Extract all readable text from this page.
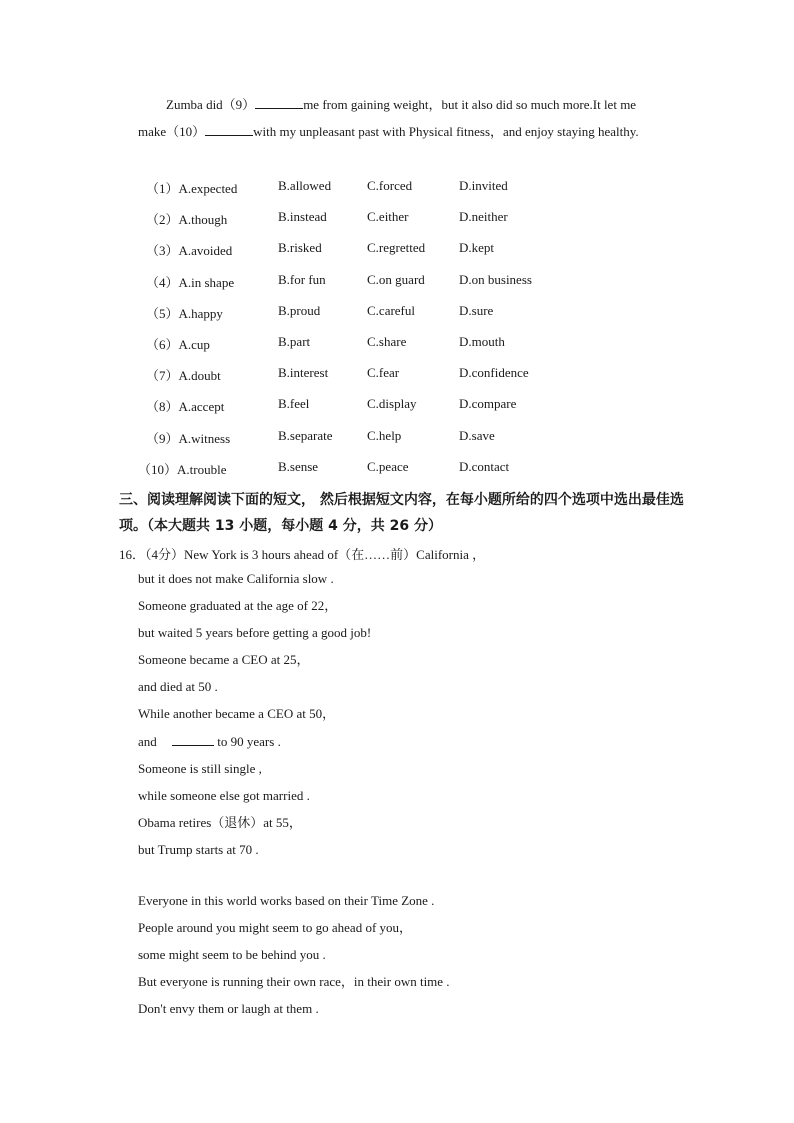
Zumba did（9）	me from gaining weight，but it also did so much more.It let me

make（10）	with my unpleasant past with Physical fitness，and enjoy staying healthy.

（1）A.expected	B.allowed	C.forced	D.invited
（2）A.though	B.instead	C.either	D.neither
（3）A.avoided	B.risked	C.regretted	D.kept
（4）A.in shape	B.for fun	C.on guard	D.on business
（5）A.happy	B.proud	C.careful	D.sure
（6）A.cup	B.part	C.share	D.mouth
（7）A.doubt	B.interest	C.fear	D.confidence
（8）A.accept	B.feel	C.display	D.compare
（9）A.witness	B.separate	C.help	D.save
（10）A.trouble	B.sense	C.peace	D.contact
三、阅读理解阅读下面的短文， 然后根据短文内容，在每小题所给的四个选项中选出最佳选项。（本大题共 13 小题，每小题 4 分，共 26 分）
16．（4分）New York is 3 hours ahead of（在……前）California ，
but it does not make California slow .
Someone graduated at the age of 22，
but waited 5 years before getting a good job!
Someone became a CEO at 25，
and died at 50 .
While another became a CEO at 50，
and	to 90 years .
Someone is still single ,
while someone else got married .
Obama retires（退休）at 55，
but Trump starts at 70 .
Everyone in this world works based on their Time Zone .
People around you might seem to go ahead of you，
some might seem to be behind you .
But everyone is running their own race，in their own time .
Don't envy them or laugh at them .
